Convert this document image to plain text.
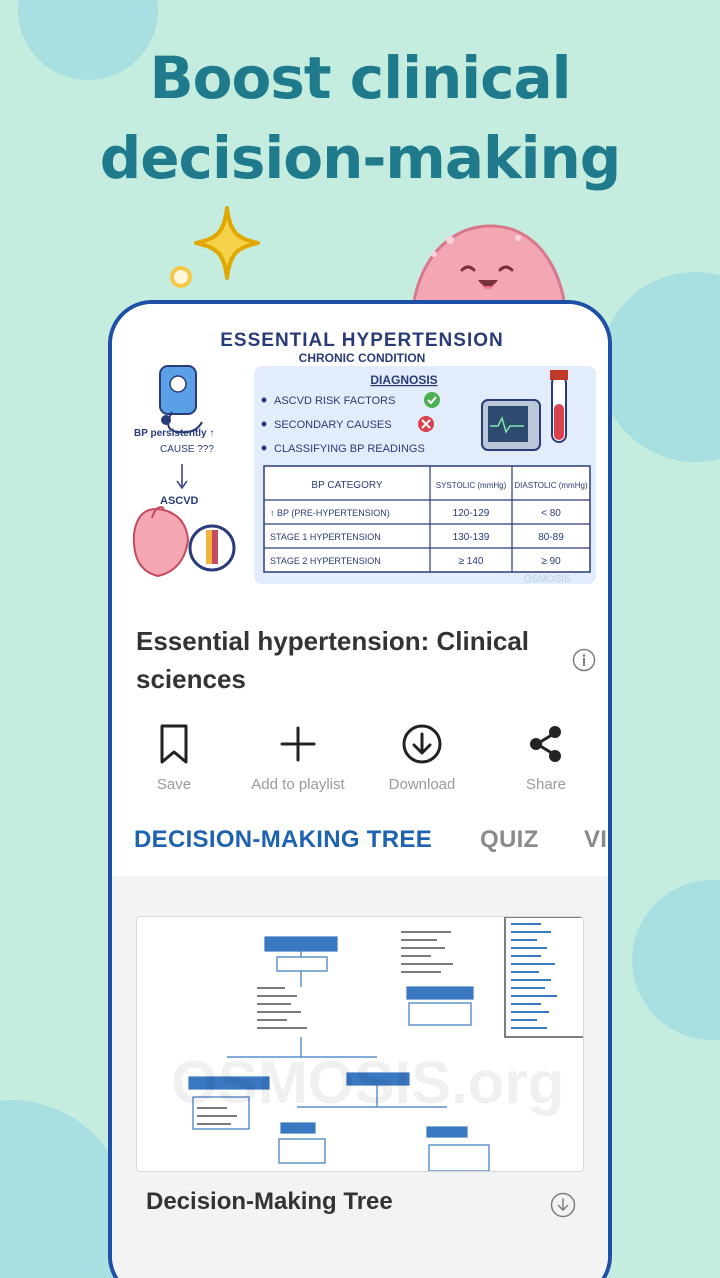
Boost clinical
decision-making
ESSENTIAL HYPERTENSION
CHRONIC CONDITION
BP persistently ↑
CAUSE ???
ASCVD
DIAGNOSIS
ASCVD RISK FACTORS
SECONDARY CAUSES
CLASSIFYING BP READINGS
BP CATEGORY	SYSTOLIC (mmHg) DIASTOLIC (mmHg)
↑ BP (PRE-HYPERTENSION)	120-129	< 80
STAGE 1 HYPERTENSION	130-139	80-89
STAGE 2 HYPERTENSION	≥ 140	≥ 90
OSMOSIS
Essential hypertension: Clinical
sciences
Save	Add to playlist	Download	Share
DECISION-MAKING TREE QUIZ VI
OSMOSIS.org
Decision-Making Tree
